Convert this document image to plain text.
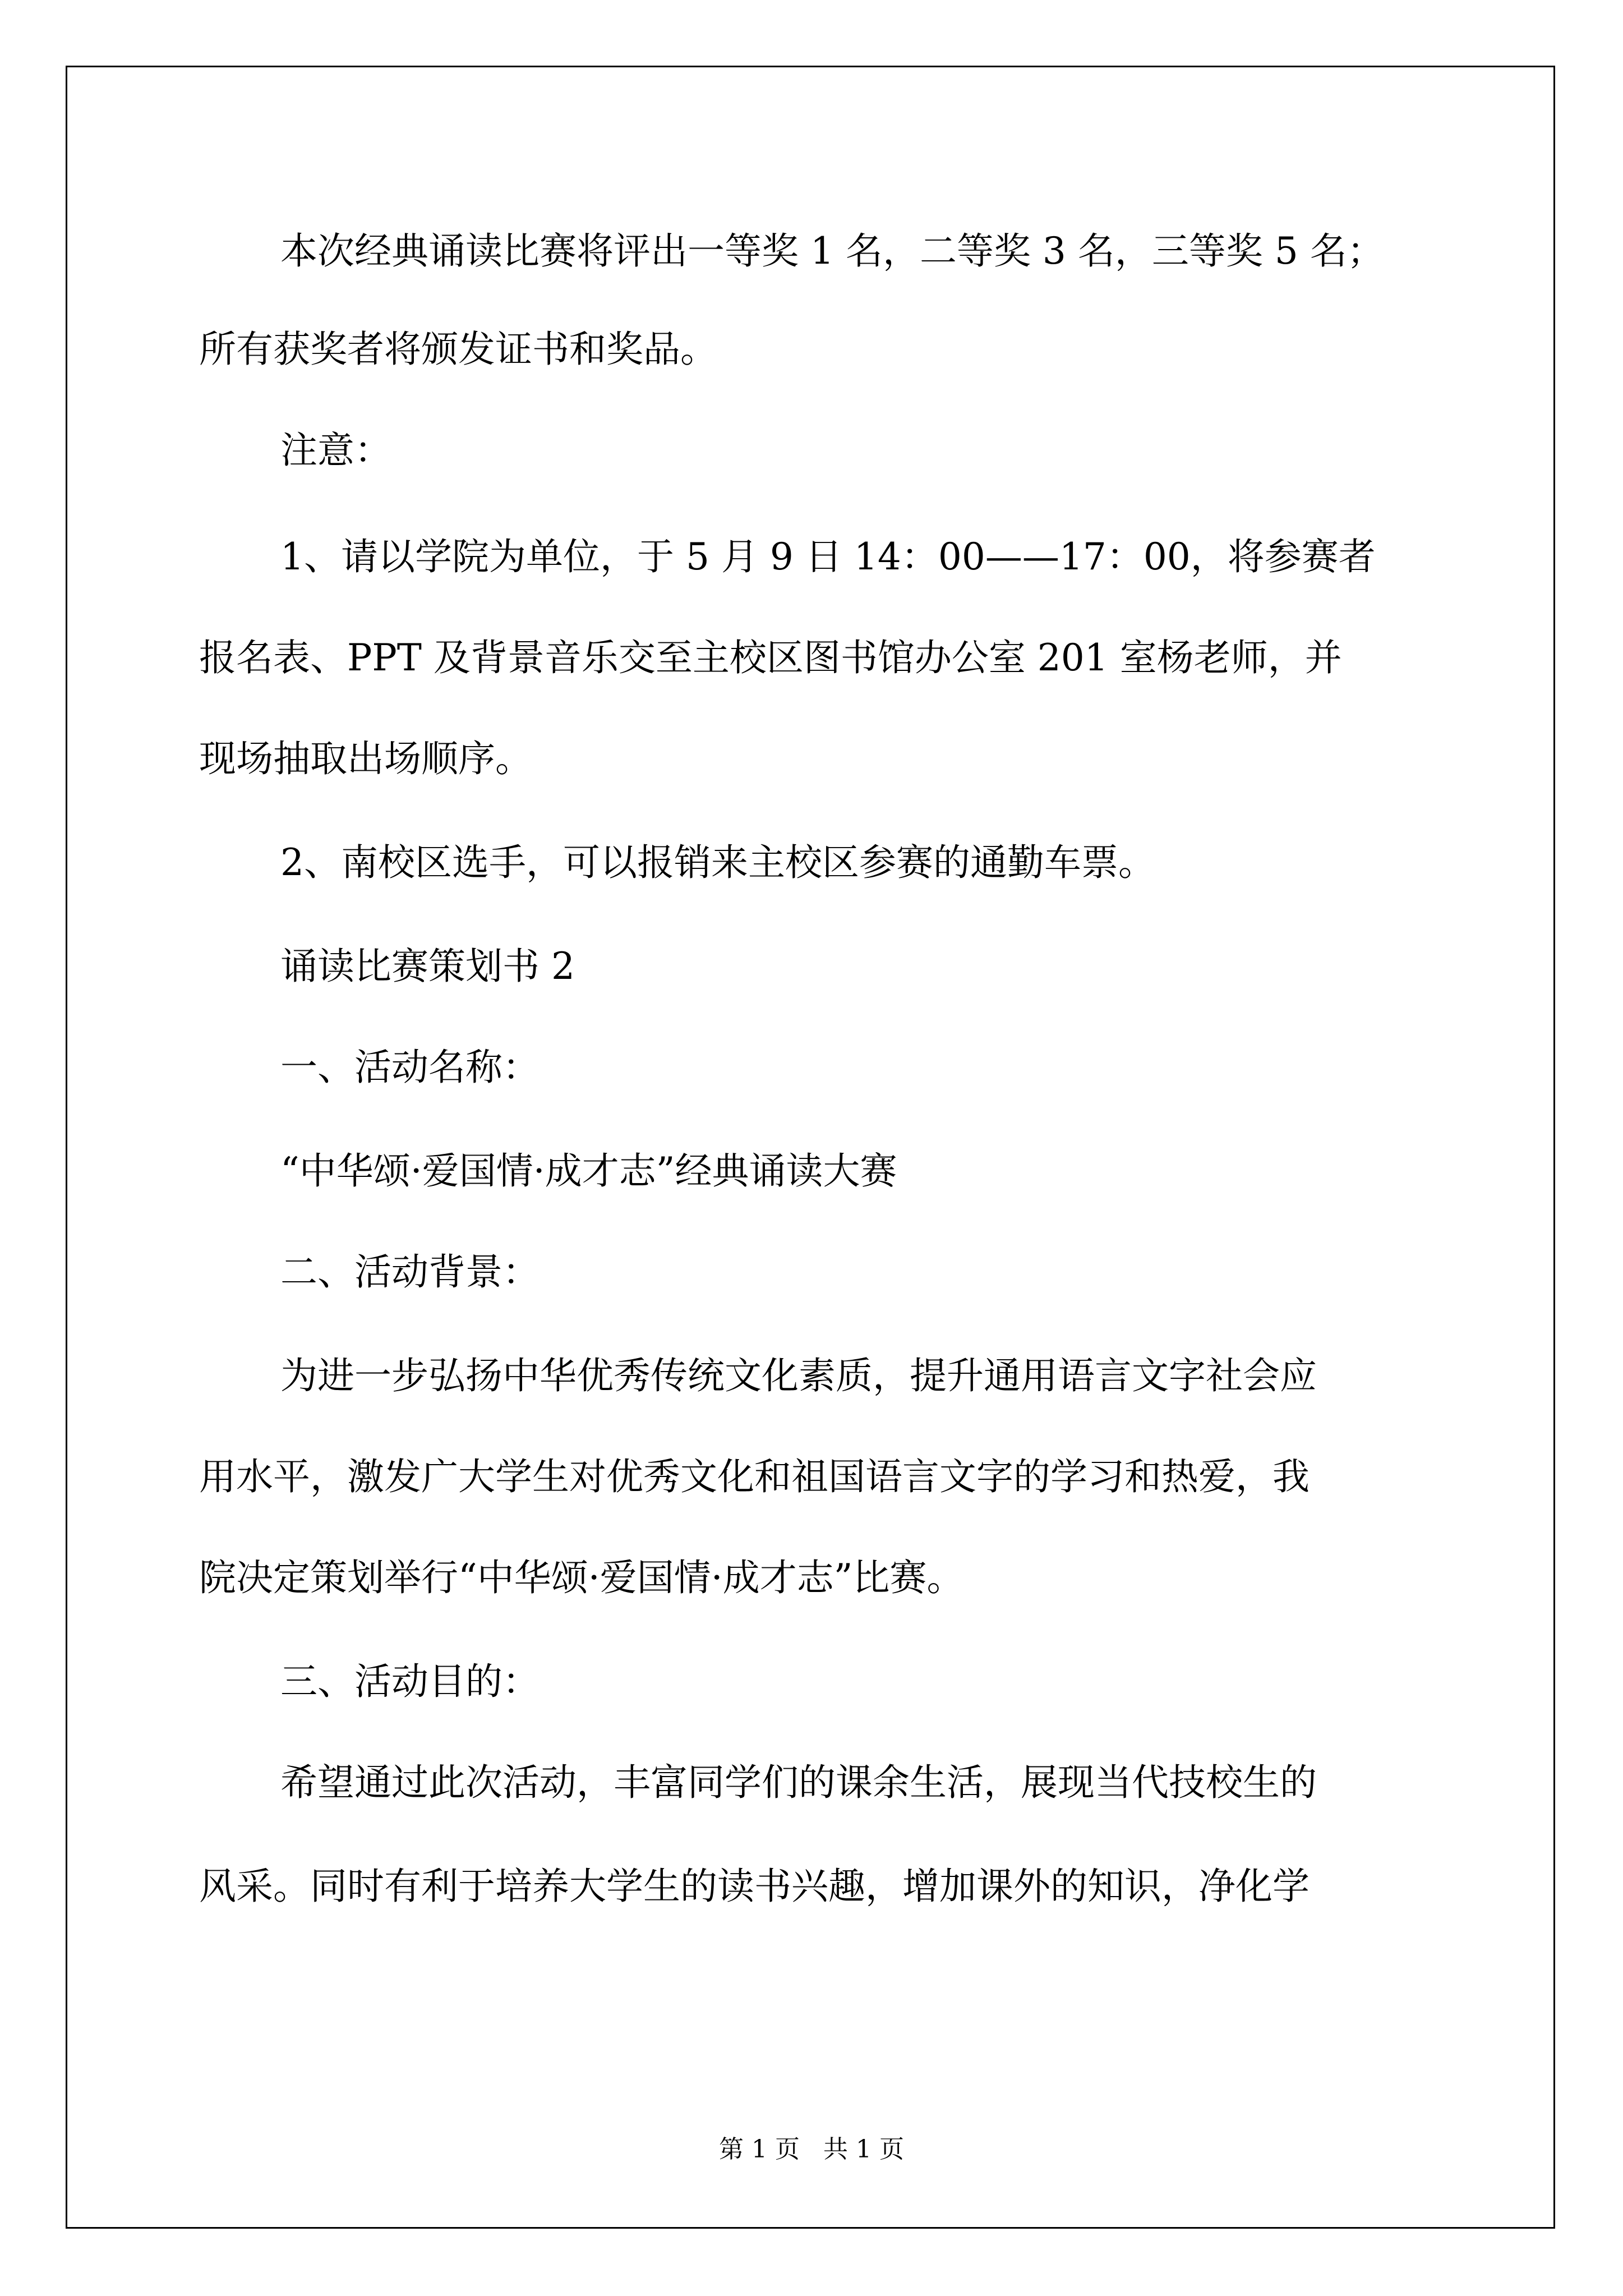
本次经典诵读比赛将评出一等奖 1 名，二等奖 3 名，三等奖 5 名；
所有获奖者将颁发证书和奖品。
注意：
1、请以学院为单位，于 5 月 9 日 14：00——17：00，将参赛者
报名表、PPT 及背景音乐交至主校区图书馆办公室 201 室杨老师，并
现场抽取出场顺序。
2、南校区选手，可以报销来主校区参赛的通勤车票。
诵读比赛策划书 2
一、活动名称：
“中华颂·爱国情·成才志”经典诵读大赛
二、活动背景：
为进一步弘扬中华优秀传统文化素质，提升通用语言文字社会应
用水平，激发广大学生对优秀文化和祖国语言文字的学习和热爱，我
院决定策划举行“中华颂·爱国情·成才志”比赛。
三、活动目的：
希望通过此次活动，丰富同学们的课余生活，展现当代技校生的
风采。同时有利于培养大学生的读书兴趣，增加课外的知识，净化学
第 1 页   共 1 页
